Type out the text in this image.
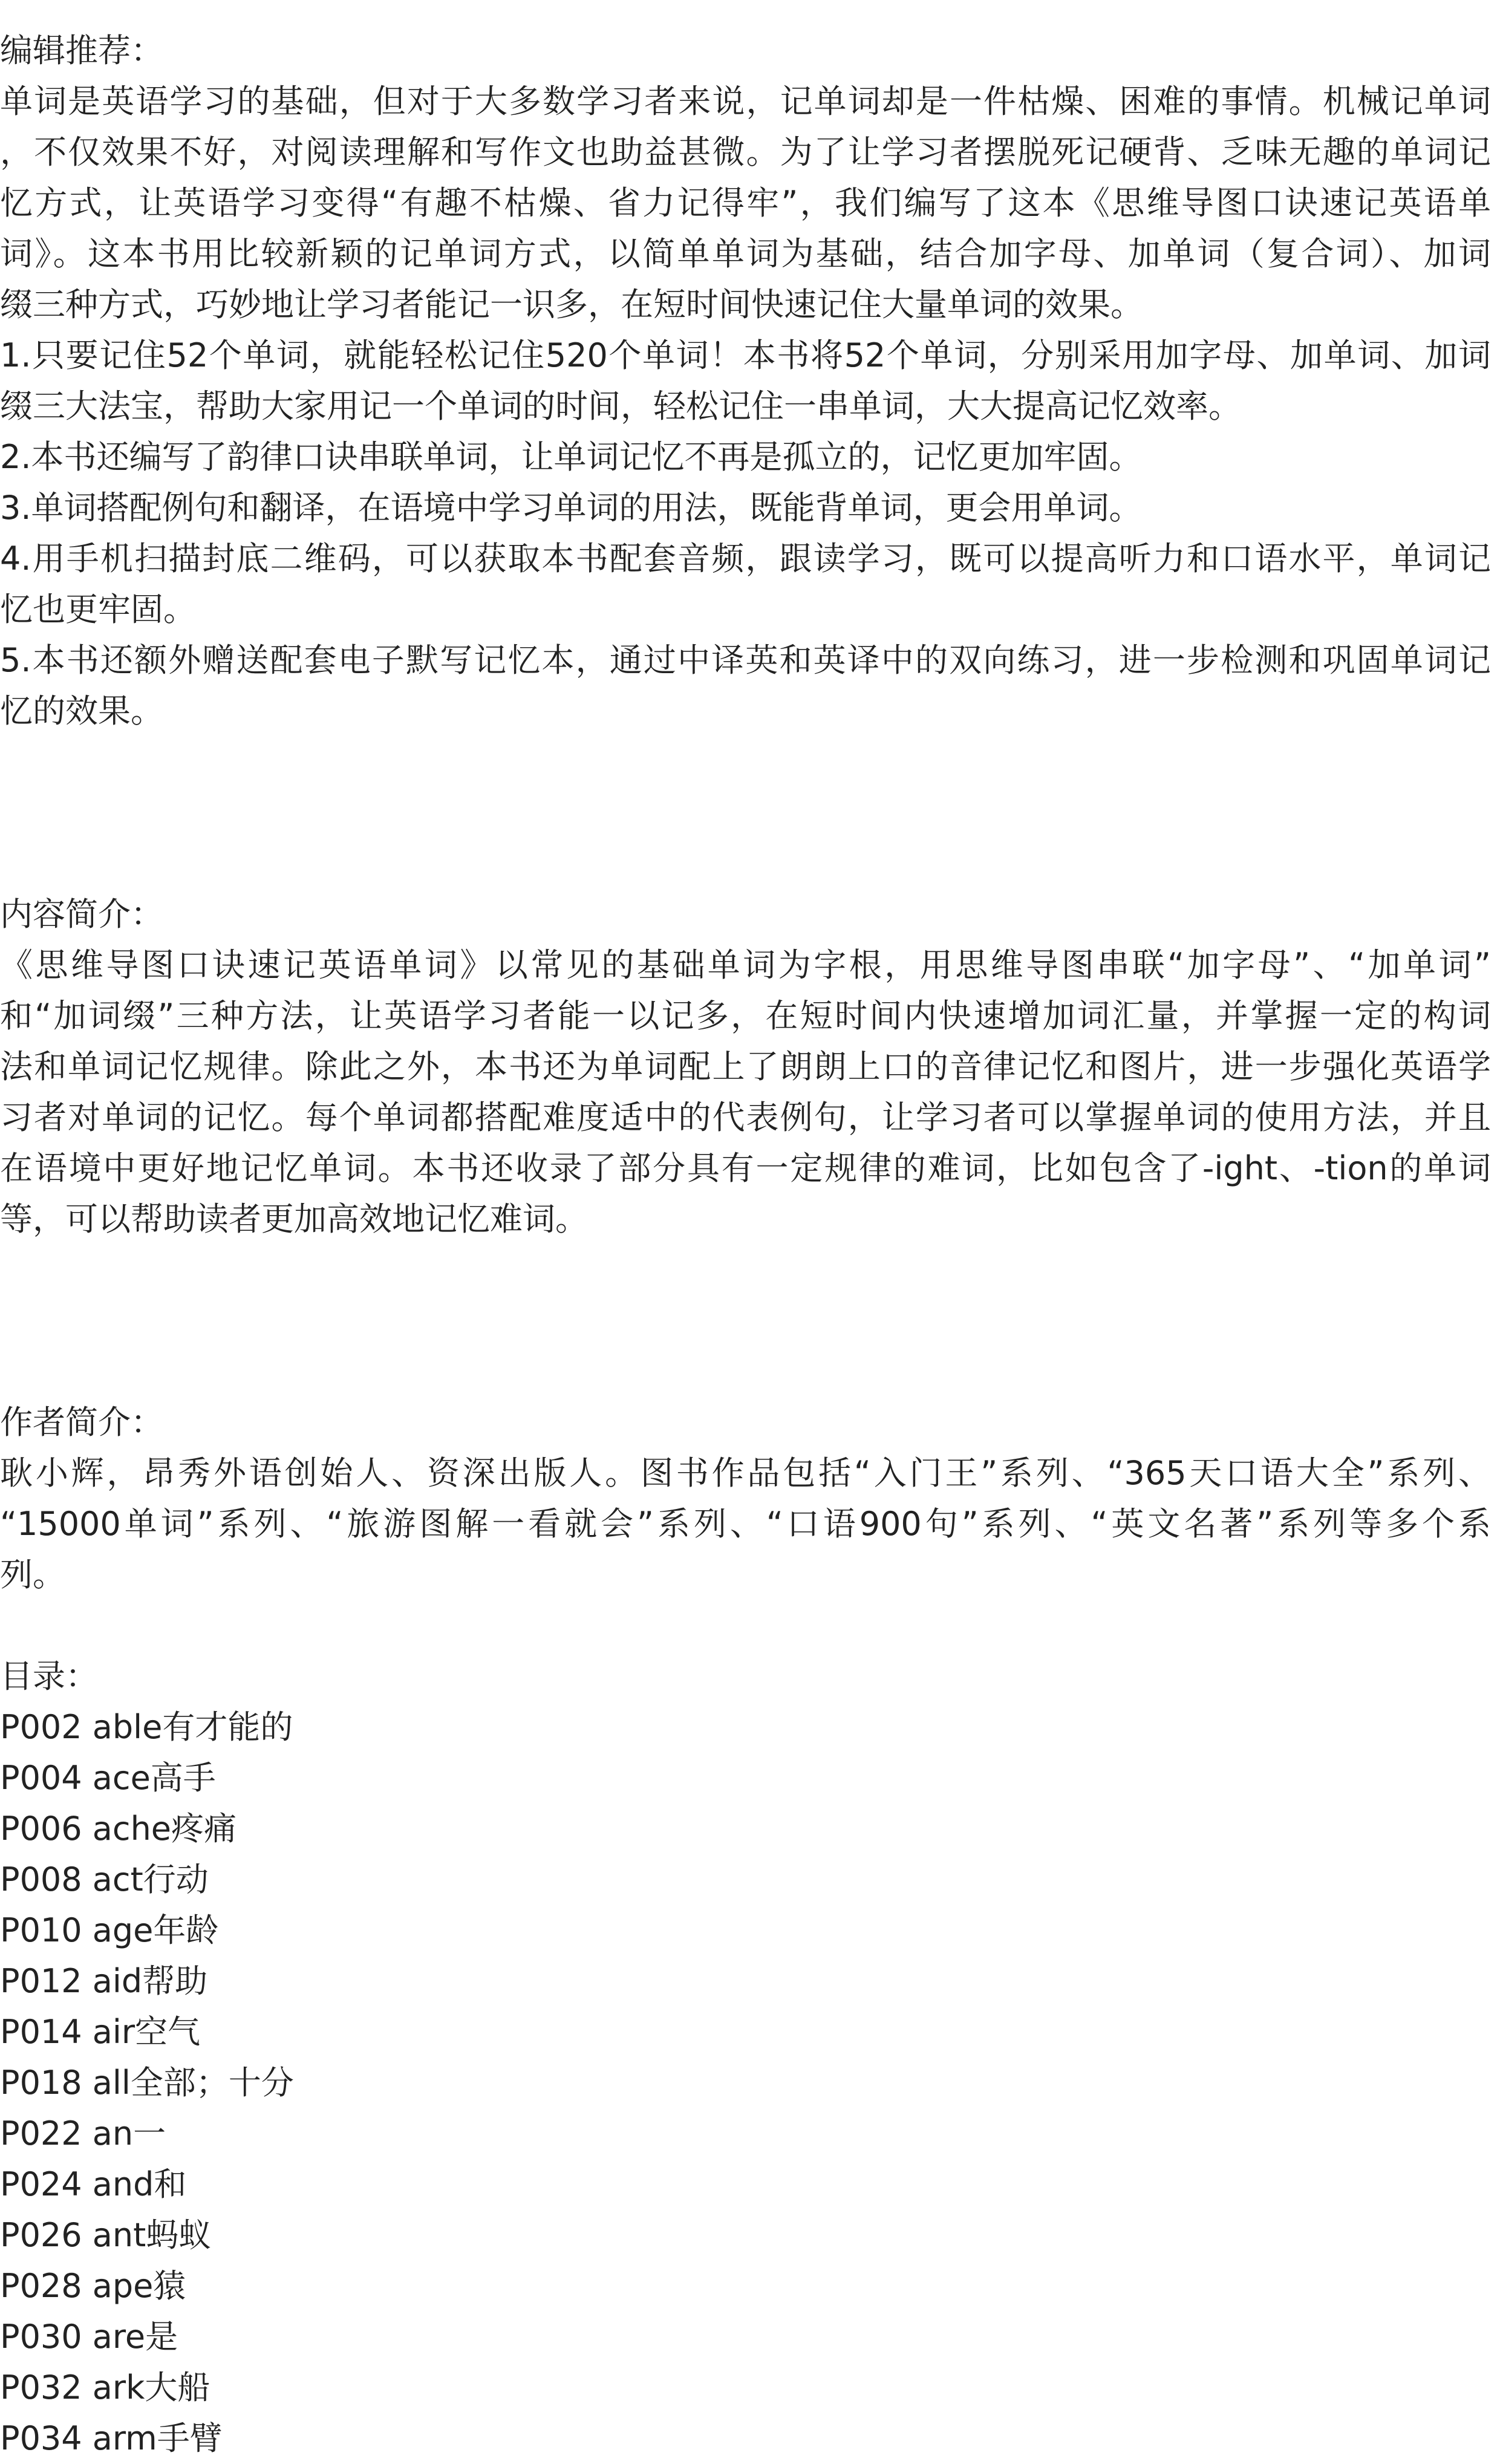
编辑推荐：
单词是英语学习的基础，但对于大多数学习者来说，记单词却是一件枯燥、困难的事情。机械记单词
，不仅效果不好，对阅读理解和写作文也助益甚微。为了让学习者摆脱死记硬背、乏味无趣的单词记
忆方式，让英语学习变得“有趣不枯燥、省力记得牢”，我们编写了这本《思维导图口诀速记英语单
词》。这本书用比较新颖的记单词方式，以简单单词为基础，结合加字母、加单词（复合词）、加词
缀三种方式，巧妙地让学习者能记一识多，在短时间快速记住大量单词的效果。
1.只要记住52个单词，就能轻松记住520个单词！本书将52个单词，分别采用加字母、加单词、加词
缀三大法宝，帮助大家用记一个单词的时间，轻松记住一串单词，大大提高记忆效率。
2.本书还编写了韵律口诀串联单词，让单词记忆不再是孤立的，记忆更加牢固。
3.单词搭配例句和翻译，在语境中学习单词的用法，既能背单词，更会用单词。
4.用手机扫描封底二维码，可以获取本书配套音频，跟读学习，既可以提高听力和口语水平，单词记
忆也更牢固。
5.本书还额外赠送配套电子默写记忆本，通过中译英和英译中的双向练习，进一步检测和巩固单词记
忆的效果。
内容简介：
《思维导图口诀速记英语单词》以常见的基础单词为字根，用思维导图串联“加字母”、“加单词”
和“加词缀”三种方法，让英语学习者能一以记多，在短时间内快速增加词汇量，并掌握一定的构词
法和单词记忆规律。除此之外，本书还为单词配上了朗朗上口的音律记忆和图片，进一步强化英语学
习者对单词的记忆。每个单词都搭配难度适中的代表例句，让学习者可以掌握单词的使用方法，并且
在语境中更好地记忆单词。本书还收录了部分具有一定规律的难词，比如包含了-ight、-tion的单词
等，可以帮助读者更加高效地记忆难词。
作者简介：
耿小辉，昂秀外语创始人、资深出版人。图书作品包括“入门王”系列、“365天口语大全”系列、
“15000单词”系列、“旅游图解一看就会”系列、“口语900句”系列、“英文名著”系列等多个系
列。
目录：
P002 able有才能的
P004 ace高手
P006 ache疼痛
P008 act行动
P010 age年龄
P012 aid帮助
P014 air空气
P018 all全部；十分
P022 an一
P024 and和
P026 ant蚂蚁
P028 ape猿
P030 are是
P032 ark大船
P034 arm手臂
